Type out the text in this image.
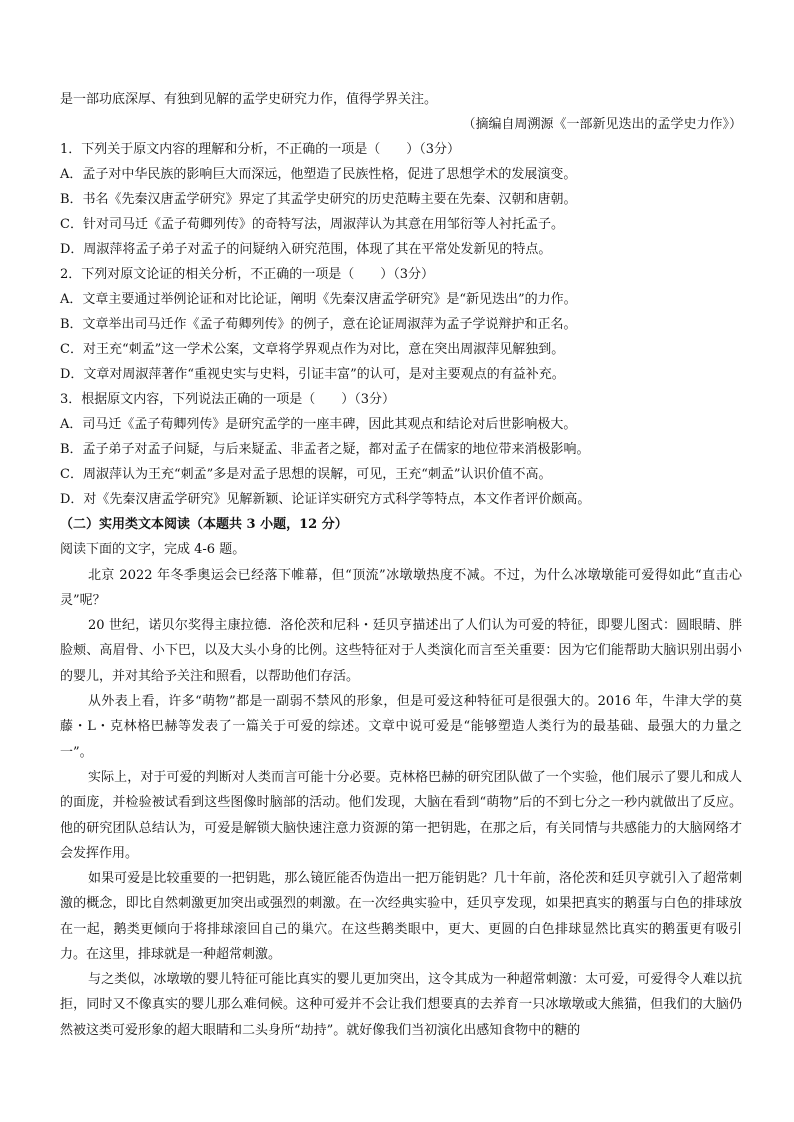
是一部功底深厚、有独到见解的孟学史研究力作，值得学界关注。
（摘编自周溯源《一部新见迭出的孟学史力作》）
1．下列关于原文内容的理解和分析，不正确的一项是（　　）（3分）
A．孟子对中华民族的影响巨大而深远，他塑造了民族性格，促进了思想学术的发展演变。
B．书名《先秦汉唐孟学研究》界定了其孟学史研究的历史范畴主要在先秦、汉朝和唐朝。
C．针对司马迁《孟子荀卿列传》的奇特写法，周淑萍认为其意在用邹衍等人衬托孟子。
D．周淑萍将孟子弟子对孟子的问疑纳入研究范围，体现了其在平常处发新见的特点。
2．下列对原文论证的相关分析，不正确的一项是（　　）（3分）
A．文章主要通过举例论证和对比论证，阐明《先秦汉唐孟学研究》是“新见迭出”的力作。
B．文章举出司马迁作《孟子荀卿列传》的例子，意在论证周淑萍为孟子学说辩护和正名。
C．对王充“刺孟”这一学术公案，文章将学界观点作为对比，意在突出周淑萍见解独到。
D．文章对周淑萍著作“重视史实与史料，引证丰富”的认可，是对主要观点的有益补充。
3．根据原文内容，下列说法正确的一项是（　　）（3分）
A．司马迁《孟子荀卿列传》是研究孟学的一座丰碑，因此其观点和结论对后世影响极大。
B．孟子弟子对孟子问疑，与后来疑孟、非孟者之疑，都对孟子在儒家的地位带来消极影响。
C．周淑萍认为王充“刺孟”多是对孟子思想的误解，可见，王充“刺孟”认识价值不高。
D．对《先秦汉唐孟学研究》见解新颖、论证详实研究方式科学等特点，本文作者评价颇高。
（二）实用类文本阅读（本题共 3 小题，12 分）
阅读下面的文字，完成 4-6 题。
北京 2022 年冬季奥运会已经落下帷幕，但“顶流”冰墩墩热度不减。不过，为什么冰墩墩能可爱得如此“直击心灵”呢？
20 世纪，诺贝尔奖得主康拉德．洛伦茨和尼科・廷贝亨描述出了人们认为可爱的特征，即婴儿图式：圆眼睛、胖脸颊、高眉骨、小下巴，以及大头小身的比例。这些特征对于人类演化而言至关重要：因为它们能帮助大脑识别出弱小的婴儿，并对其给予关注和照看，以帮助他们存活。
从外表上看，许多“萌物”都是一副弱不禁风的形象，但是可爱这种特征可是很强大的。2016 年，牛津大学的莫藤・L・克林格巴赫等发表了一篇关于可爱的综述。文章中说可爱是“能够塑造人类行为的最基础、最强大的力量之一”。
实际上，对于可爱的判断对人类而言可能十分必要。克林格巴赫的研究团队做了一个实验，他们展示了婴儿和成人的面庞，并检验被试看到这些图像时脑部的活动。他们发现，大脑在看到“萌物”后的不到七分之一秒内就做出了反应。他的研究团队总结认为，可爱是解锁大脑快速注意力资源的第一把钥匙，在那之后，有关同情与共感能力的大脑网络才会发挥作用。
如果可爱是比较重要的一把钥匙，那么镜匠能否伪造出一把万能钥匙？几十年前，洛伦茨和廷贝亨就引入了超常刺激的概念，即比自然刺激更加突出或强烈的刺激。在一次经典实验中，廷贝亨发现，如果把真实的鹅蛋与白色的排球放在一起，鹅类更倾向于将排球滚回自己的巢穴。在这些鹅类眼中，更大、更圆的白色排球显然比真实的鹅蛋更有吸引力。在这里，排球就是一种超常刺激。
与之类似，冰墩墩的婴儿特征可能比真实的婴儿更加突出，这令其成为一种超常刺激：太可爱，可爱得令人难以抗拒，同时又不像真实的婴儿那么难伺候。这种可爱并不会让我们想要真的去养育一只冰墩墩或大熊猫，但我们的大脑仍然被这类可爱形象的超大眼睛和二头身所“劫持”。就好像我们当初演化出感知食物中的糖的
